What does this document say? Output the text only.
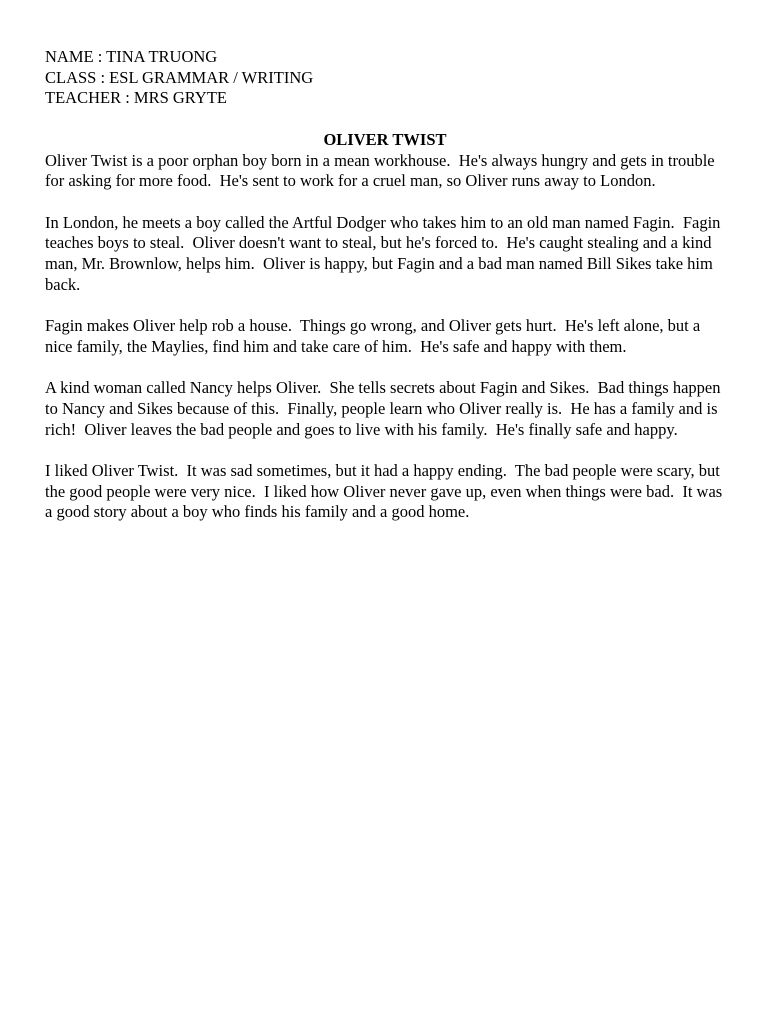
NAME : TINA TRUONG
CLASS : ESL GRAMMAR / WRITING
TEACHER : MRS GRYTE
OLIVER TWIST

Oliver Twist is a poor orphan boy born in a mean workhouse.  He's always hungry and gets in trouble for asking for more food.  He's sent to work for a cruel man, so Oliver runs away to London.

In London, he meets a boy called the Artful Dodger who takes him to an old man named Fagin.  Fagin teaches boys to steal.  Oliver doesn't want to steal, but he's forced to.  He's caught stealing and a kind man, Mr. Brownlow, helps him.  Oliver is happy, but Fagin and a bad man named Bill Sikes take him back.

Fagin makes Oliver help rob a house.  Things go wrong, and Oliver gets hurt.  He's left alone, but a nice family, the Maylies, find him and take care of him.  He's safe and happy with them.

A kind woman called Nancy helps Oliver.  She tells secrets about Fagin and Sikes.  Bad things happen to Nancy and Sikes because of this.  Finally, people learn who Oliver really is.  He has a family and is rich!  Oliver leaves the bad people and goes to live with his family.  He's finally safe and happy.

I liked Oliver Twist.  It was sad sometimes, but it had a happy ending.  The bad people were scary, but the good people were very nice.  I liked how Oliver never gave up, even when things were bad.  It was a good story about a boy who finds his family and a good home.
